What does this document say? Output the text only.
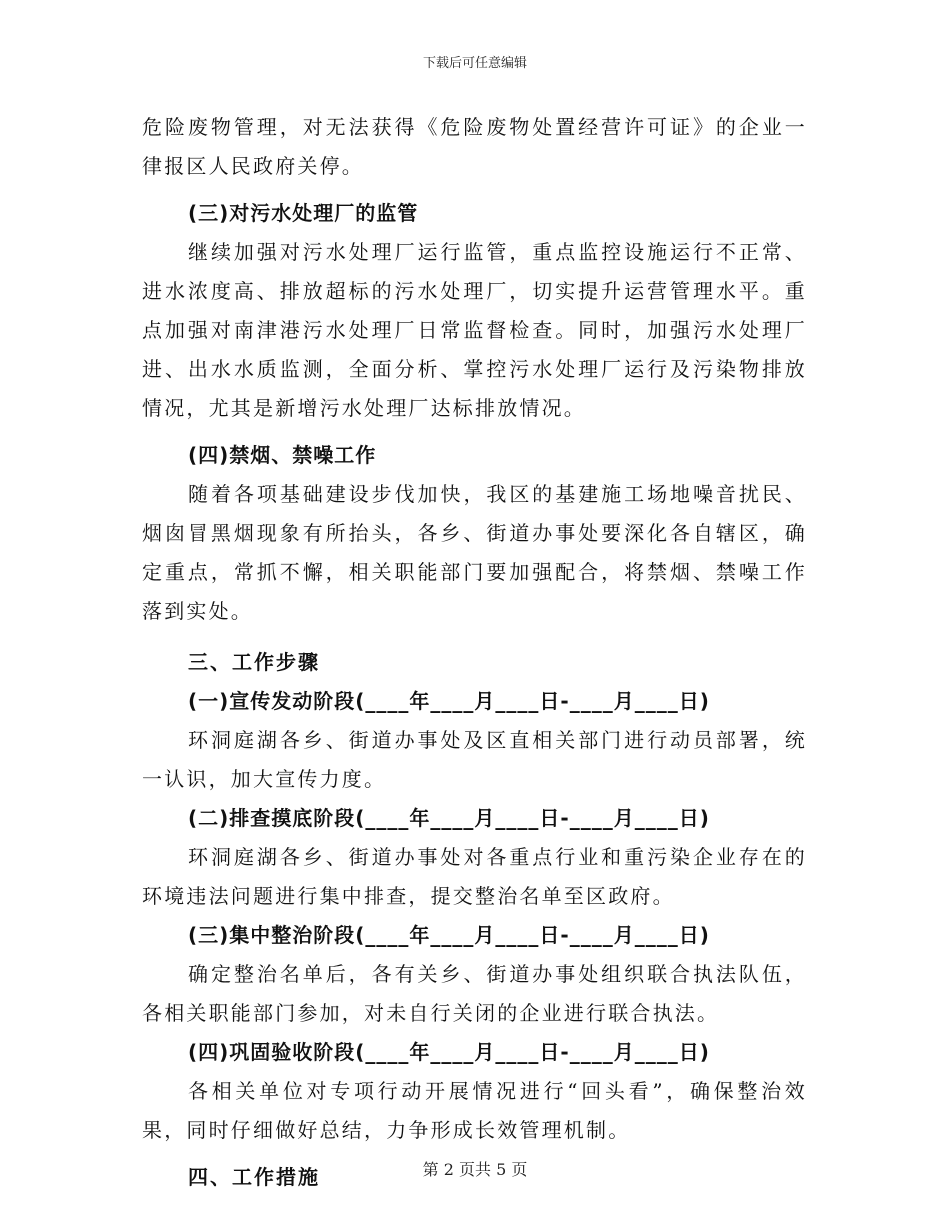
下载后可任意编辑

危险废物管理，对无法获得《危险废物处置经营许可证》的企业一律报区人民政府关停。

(三)对污水处理厂的监管

继续加强对污水处理厂运行监管，重点监控设施运行不正常、进水浓度高、排放超标的污水处理厂，切实提升运营管理水平。重点加强对南津港污水处理厂日常监督检查。同时，加强污水处理厂进、出水水质监测，全面分析、掌控污水处理厂运行及污染物排放情况，尤其是新增污水处理厂达标排放情况。

(四)禁烟、禁噪工作

随着各项基础建设步伐加快，我区的基建施工场地噪音扰民、烟囱冒黑烟现象有所抬头，各乡、街道办事处要深化各自辖区，确定重点，常抓不懈，相关职能部门要加强配合，将禁烟、禁噪工作落到实处。

三、工作步骤

(一)宣传发动阶段(____年____月____日-____月____日)

环洞庭湖各乡、街道办事处及区直相关部门进行动员部署，统一认识，加大宣传力度。

(二)排查摸底阶段(____年____月____日-____月____日)

环洞庭湖各乡、街道办事处对各重点行业和重污染企业存在的环境违法问题进行集中排查，提交整治名单至区政府。

(三)集中整治阶段(____年____月____日-____月____日)

确定整治名单后，各有关乡、街道办事处组织联合执法队伍，各相关职能部门参加，对未自行关闭的企业进行联合执法。

(四)巩固验收阶段(____年____月____日-____月____日)

各相关单位对专项行动开展情况进行“回头看”，确保整治效果，同时仔细做好总结，力争形成长效管理机制。

四、工作措施	第 2 页共 5 页
